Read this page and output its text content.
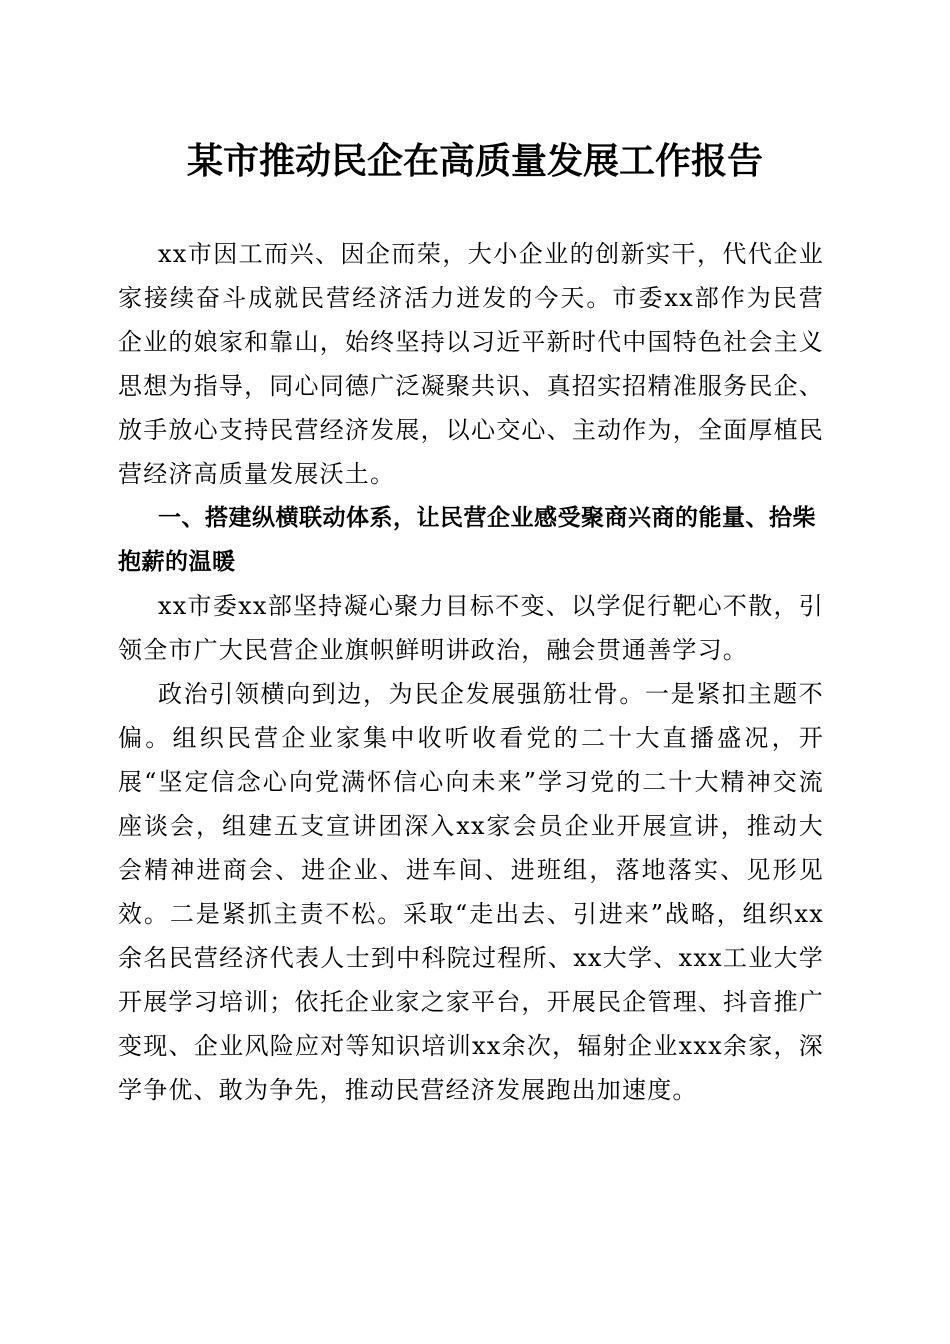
某市推动民企在高质量发展工作报告

xx市因工而兴、因企而荣，大小企业的创新实干，代代企业家接续奋斗成就民营经济活力迸发的今天。市委xx部作为民营企业的娘家和靠山，始终坚持以习近平新时代中国特色社会主义思想为指导，同心同德广泛凝聚共识、真招实招精准服务民企、放手放心支持民营经济发展，以心交心、主动作为，全面厚植民营经济高质量发展沃土。

一、搭建纵横联动体系，让民营企业感受聚商兴商的能量、拾柴抱薪的温暖

xx市委xx部坚持凝心聚力目标不变、以学促行靶心不散，引领全市广大民营企业旗帜鲜明讲政治，融会贯通善学习。

政治引领横向到边，为民企发展强筋壮骨。一是紧扣主题不偏。组织民营企业家集中收听收看党的二十大直播盛况，开展“坚定信念心向党满怀信心向未来”学习党的二十大精神交流座谈会，组建五支宣讲团深入xx家会员企业开展宣讲，推动大会精神进商会、进企业、进车间、进班组，落地落实、见形见效。二是紧抓主责不松。采取“走出去、引进来”战略，组织xx余名民营经济代表人士到中科院过程所、xx大学、xxx工业大学开展学习培训；依托企业家之家平台，开展民企管理、抖音推广变现、企业风险应对等知识培训xx余次，辐射企业xxx余家，深学争优、敢为争先，推动民营经济发展跑出加速度。
